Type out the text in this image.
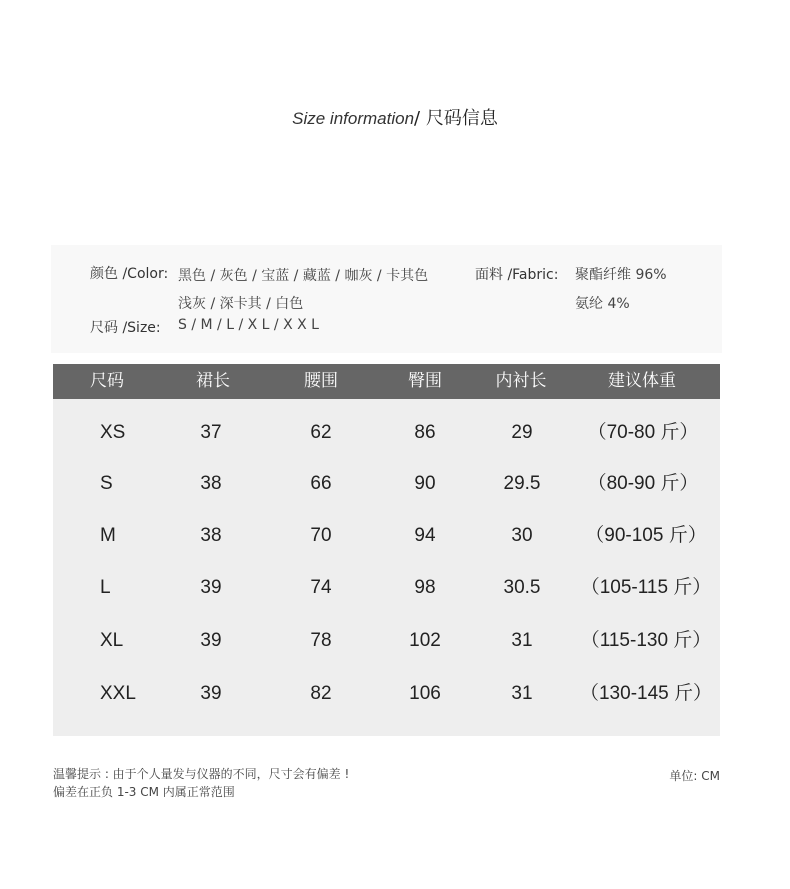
Size information/ 尺码信息
颜色 /Color: 黑色 / 灰色 / 宝蓝 / 藏蓝 / 咖灰 / 卡其色
浅灰 / 深卡其 / 白色
面料 /Fabric: 聚酯纤维 96%
氨纶 4%
尺码 /Size: S / M / L / X L / X X L
尺码	裙长	腰围	臀围	内衬长	建议体重
XS	37	62	86	29	（70-80 斤）
S	38	66	90	29.5 （80-90 斤）
M	38	70	94	30	（90-105 斤）
L	39	74	98	30.5 （105-115 斤）
XL	39	78	102	31	（115-130 斤）
XXL	39	82	106	31 （130-145 斤）
温馨提示 : 由于个人量发与仪器的不同，尺寸会有偏差 !
偏差在正负 1-3 CM 内属正常范围
单位: CM
